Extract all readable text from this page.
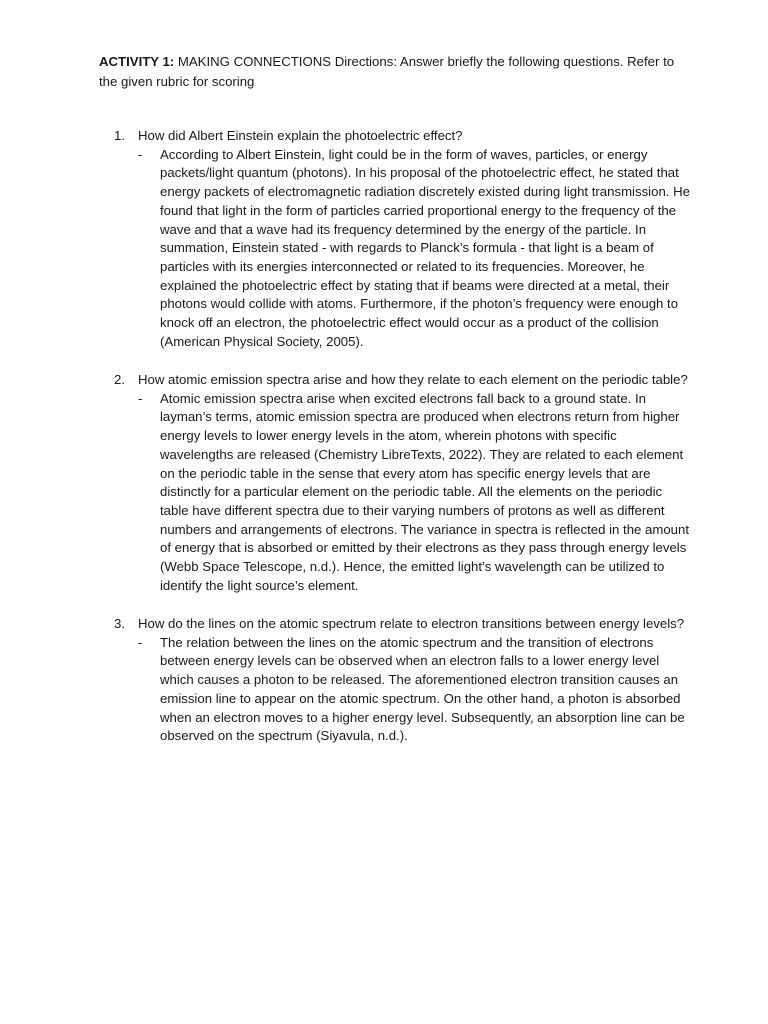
ACTIVITY 1: MAKING CONNECTIONS Directions: Answer briefly the following questions. Refer to the given rubric for scoring
1. How did Albert Einstein explain the photoelectric effect?
-	According to Albert Einstein, light could be in the form of waves, particles, or energy packets/light quantum (photons). In his proposal of the photoelectric effect, he stated that energy packets of electromagnetic radiation discretely existed during light transmission. He found that light in the form of particles carried proportional energy to the frequency of the wave and that a wave had its frequency determined by the energy of the particle. In summation, Einstein stated - with regards to Planck’s formula - that light is a beam of particles with its energies interconnected or related to its frequencies. Moreover, he explained the photoelectric effect by stating that if beams were directed at a metal, their photons would collide with atoms. Furthermore, if the photon’s frequency were enough to knock off an electron, the photoelectric effect would occur as a product of the collision (American Physical Society, 2005).
2. How atomic emission spectra arise and how they relate to each element on the periodic table?
-	Atomic emission spectra arise when excited electrons fall back to a ground state. In layman’s terms, atomic emission spectra are produced when electrons return from higher energy levels to lower energy levels in the atom, wherein photons with specific wavelengths are released (Chemistry LibreTexts, 2022). They are related to each element on the periodic table in the sense that every atom has specific energy levels that are distinctly for a particular element on the periodic table. All the elements on the periodic table have different spectra due to their varying numbers of protons as well as different numbers and arrangements of electrons. The variance in spectra is reflected in the amount of energy that is absorbed or emitted by their electrons as they pass through energy levels (Webb Space Telescope, n.d.). Hence, the emitted light’s wavelength can be utilized to identify the light source’s element.
3. How do the lines on the atomic spectrum relate to electron transitions between energy levels?
-	The relation between the lines on the atomic spectrum and the transition of electrons between energy levels can be observed when an electron falls to a lower energy level which causes a photon to be released. The aforementioned electron transition causes an emission line to appear on the atomic spectrum. On the other hand, a photon is absorbed when an electron moves to a higher energy level. Subsequently, an absorption line can be observed on the spectrum (Siyavula, n.d.).
